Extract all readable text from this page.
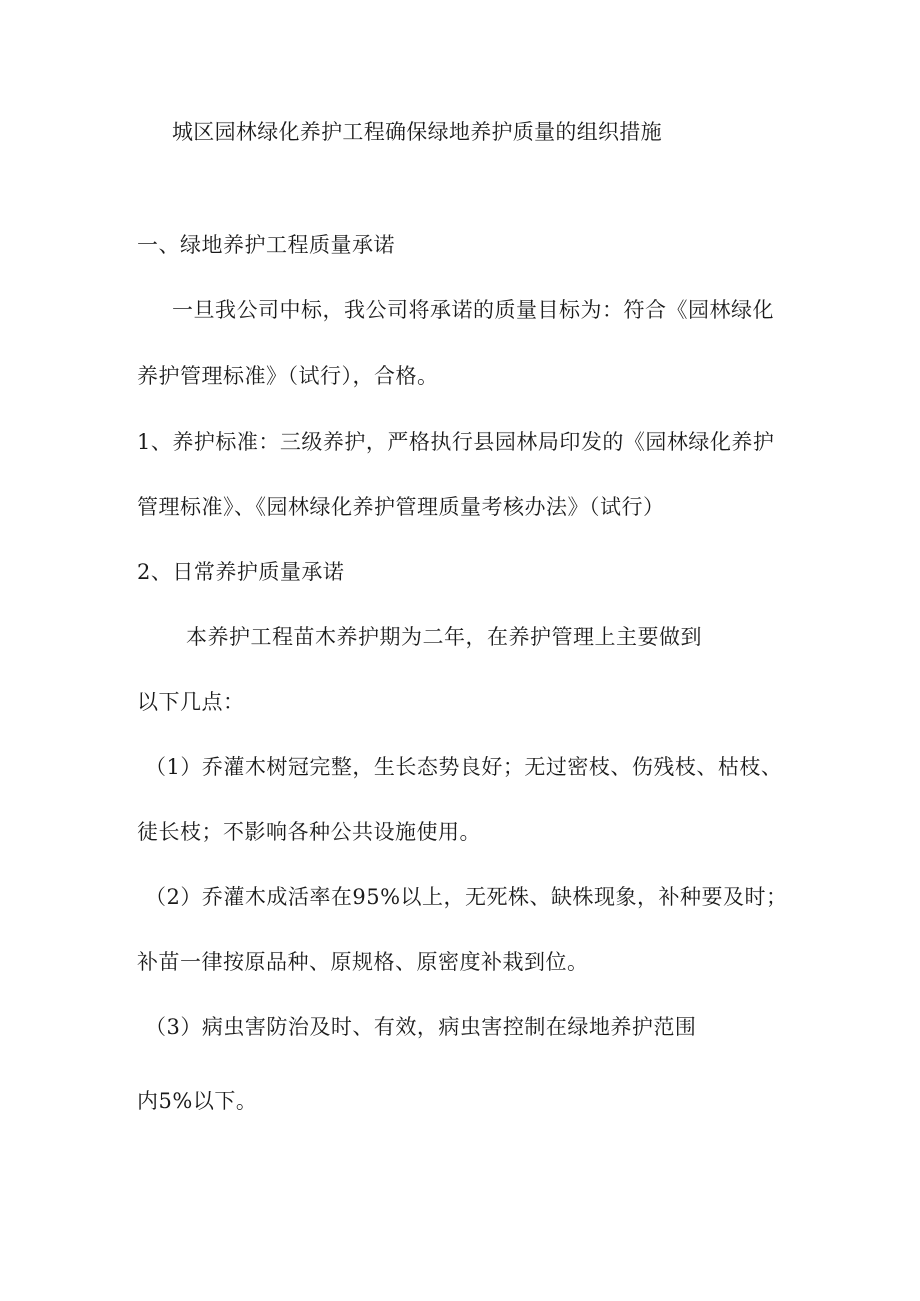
城区园林绿化养护工程确保绿地养护质量的组织措施
一、绿地养护工程质量承诺
一旦我公司中标，我公司将承诺的质量目标为：符合《园林绿化
养护管理标准》（试行），合格。
1、养护标准：三级养护，严格执行县园林局印发的《园林绿化养护
管理标准》、《园林绿化养护管理质量考核办法》（试行）
2、日常养护质量承诺
本养护工程苗木养护期为二年，在养护管理上主要做到
以下几点：
（1）乔灌木树冠完整，生长态势良好；无过密枝、伤残枝、枯枝、
徒长枝；不影响各种公共设施使用。
（2）乔灌木成活率在95%以上，无死株、缺株现象，补种要及时；
补苗一律按原品种、原规格、原密度补栽到位。
（3）病虫害防治及时、有效，病虫害控制在绿地养护范围
内5%以下。
